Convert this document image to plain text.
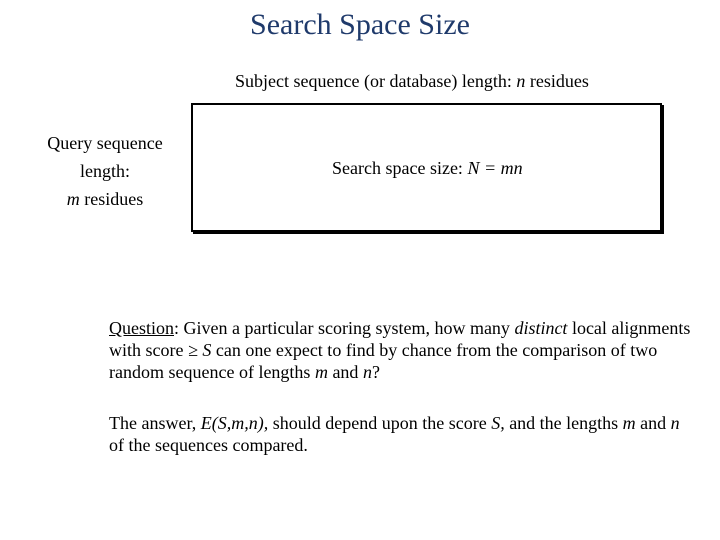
Search Space Size
Subject sequence (or database) length: n residues
Query sequence
length:
m residues
Search space size: N = mn
Question: Given a particular scoring system, how many distinct local alignments with score ≥ S can one expect to find by chance from the comparison of two random sequence of lengths m and n?
The answer, E(S,m,n), should depend upon the score S, and the lengths m and n of the sequences compared.
